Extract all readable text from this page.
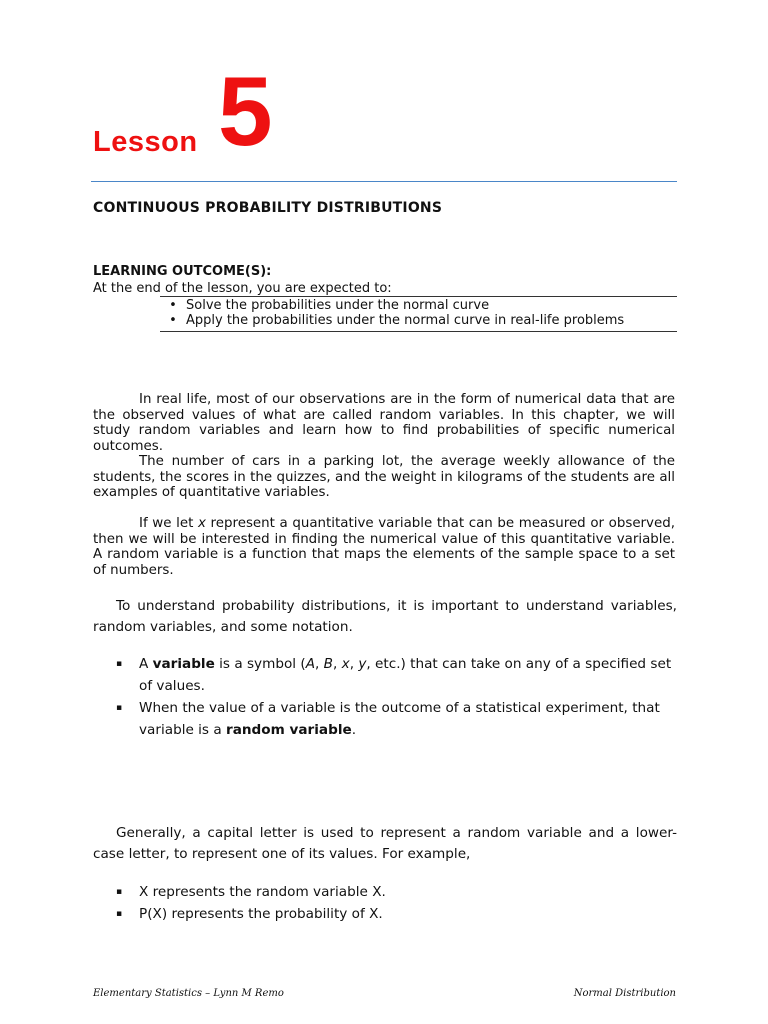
Lesson 5
CONTINUOUS PROBABILITY DISTRIBUTIONS
LEARNING OUTCOME(S):
At the end of the lesson, you are expected to:
• Solve the probabilities under the normal curve
• Apply the probabilities under the normal curve in real-life problems
In real life, most of our observations are in the form of numerical data that are the observed values of what are called random variables. In this chapter, we will study random variables and learn how to find probabilities of specific numerical outcomes.
The number of cars in a parking lot, the average weekly allowance of the students, the scores in the quizzes, and the weight in kilograms of the students are all examples of quantitative variables.
If we let x represent a quantitative variable that can be measured or observed, then we will be interested in finding the numerical value of this quantitative variable. A random variable is a function that maps the elements of the sample space to a set of numbers.
To understand probability distributions, it is important to understand variables, random variables, and some notation.
▪	A variable is a symbol (A, B, x, y, etc.) that can take on any of a specified set of values.
▪	When the value of a variable is the outcome of a statistical experiment, that variable is a random variable.
Generally, a capital letter is used to represent a random variable and a lower-case letter, to represent one of its values. For example,
▪	X represents the random variable X.
▪	P(X) represents the probability of X.
Elementary Statistics – Lynn M Remo	Normal Distribution
